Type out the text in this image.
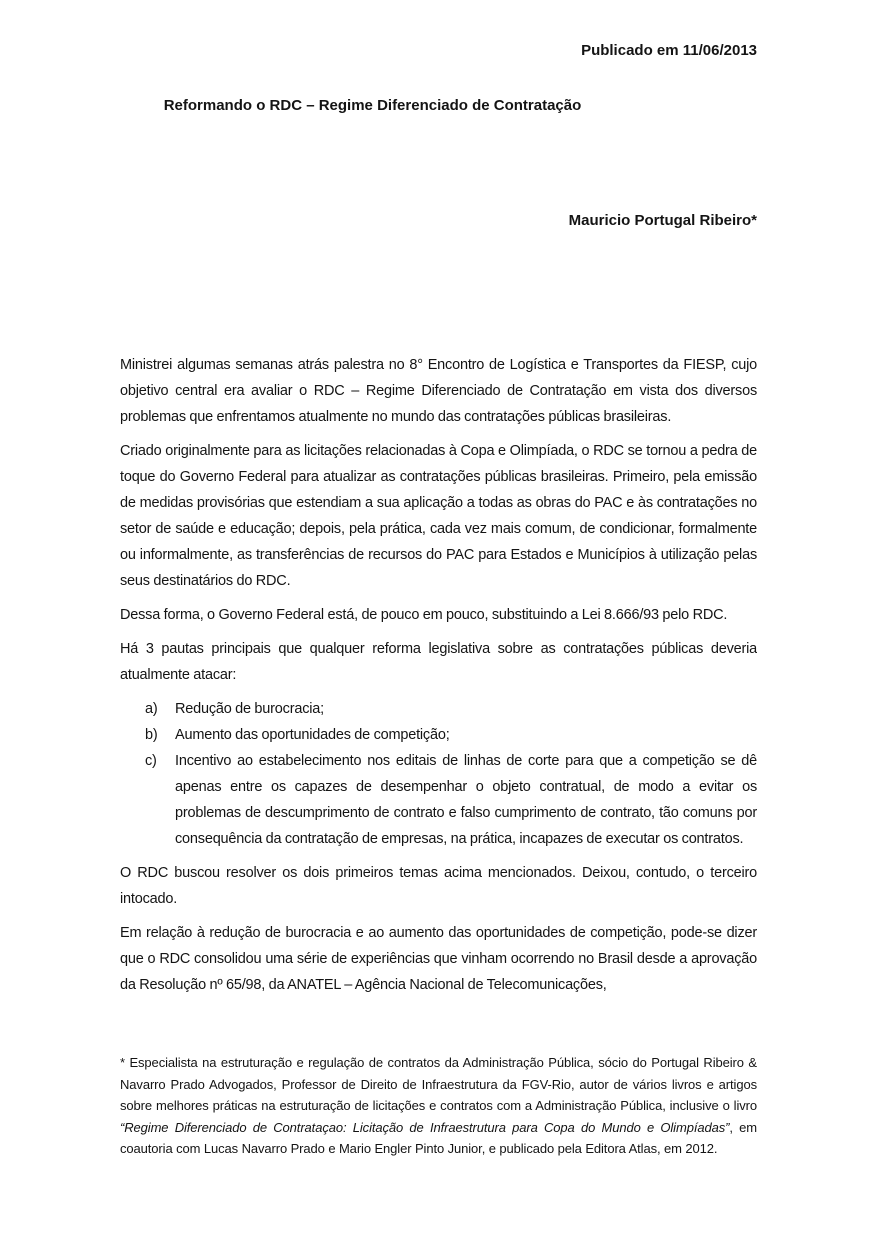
Publicado em 11/06/2013
Reformando o RDC – Regime Diferenciado de Contratação
Mauricio Portugal Ribeiro*

Ministrei algumas semanas atrás palestra no 8° Encontro de Logística e Transportes da FIESP, cujo objetivo central era avaliar o RDC – Regime Diferenciado de Contratação em vista dos diversos problemas que enfrentamos atualmente no mundo das contratações públicas brasileiras.

Criado originalmente para as licitações relacionadas à Copa e Olimpíada, o RDC se tornou a pedra de toque do Governo Federal para atualizar as contratações públicas brasileiras. Primeiro, pela emissão de medidas provisórias que estendiam a sua aplicação a todas as obras do PAC e às contratações no setor de saúde e educação; depois, pela prática, cada vez mais comum, de condicionar, formalmente ou informalmente, as transferências de recursos do PAC para Estados e Municípios à utilização pelas seus destinatários do RDC.

Dessa forma, o Governo Federal está, de pouco em pouco, substituindo a Lei 8.666/93 pelo RDC.

Há 3 pautas principais que qualquer reforma legislativa sobre as contratações públicas deveria atualmente atacar:

a)	Redução de burocracia;
b)	Aumento das oportunidades de competição;
c)	Incentivo ao estabelecimento nos editais de linhas de corte para que a competição se dê apenas entre os capazes de desempenhar o objeto contratual, de modo a evitar os problemas de descumprimento de contrato e falso cumprimento de contrato, tão comuns por consequência da contratação de empresas, na prática, incapazes de executar os contratos.

O RDC buscou resolver os dois primeiros temas acima mencionados. Deixou, contudo, o terceiro intocado.

Em relação à redução de burocracia e ao aumento das oportunidades de competição, pode-se dizer que o RDC consolidou uma série de experiências que vinham ocorrendo no Brasil desde a aprovação da Resolução nº 65/98, da ANATEL – Agência Nacional de Telecomunicações,

* Especialista na estruturação e regulação de contratos da Administração Pública, sócio do Portugal Ribeiro & Navarro Prado Advogados, Professor de Direito de Infraestrutura da FGV-Rio, autor de vários livros e artigos sobre melhores práticas na estruturação de licitações e contratos com a Administração Pública, inclusive o livro “Regime Diferenciado de Contrataçao: Licitação de Infraestrutura para Copa do Mundo e Olimpíadas”, em coautoria com Lucas Navarro Prado e Mario Engler Pinto Junior, e publicado pela Editora Atlas, em 2012.
